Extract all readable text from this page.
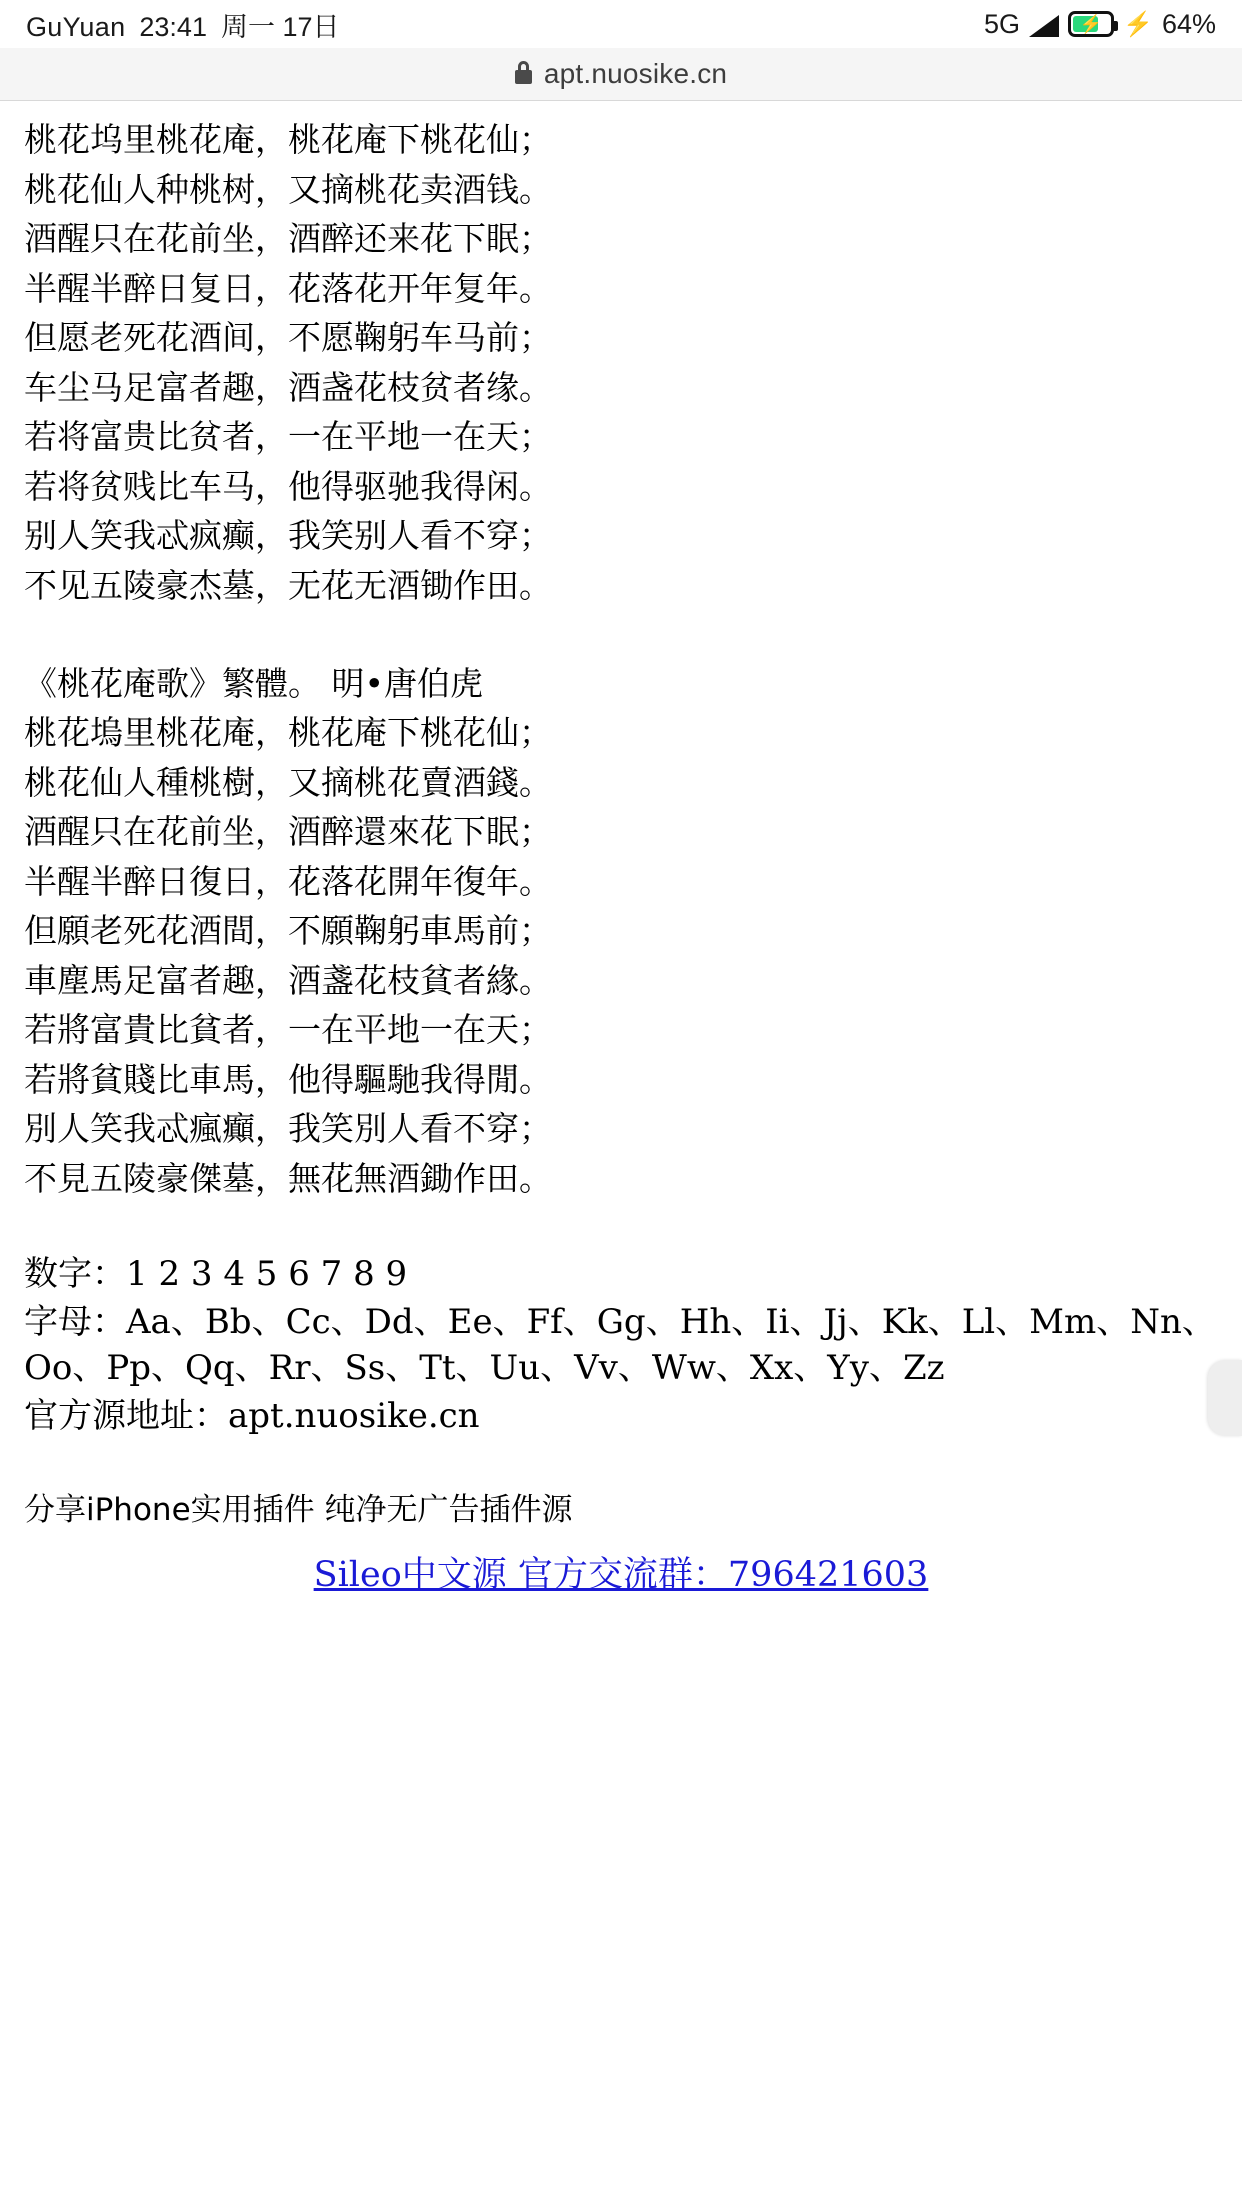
GuYuan 23:41 周一 17日	5G	⚡ ⚡ 64%
apt.nuosike.cn
桃花坞里桃花庵，桃花庵下桃花仙；
桃花仙人种桃树，又摘桃花卖酒钱。
酒醒只在花前坐，酒醉还来花下眠；
半醒半醉日复日，花落花开年复年。
但愿老死花酒间，不愿鞠躬车马前；
车尘马足富者趣，酒盏花枝贫者缘。
若将富贵比贫者，一在平地一在天；
若将贫贱比车马，他得驱驰我得闲。
别人笑我忒疯癫，我笑别人看不穿；
不见五陵豪杰墓，无花无酒锄作田。
《桃花庵歌》繁體。 明•唐伯虎
桃花塢里桃花庵，桃花庵下桃花仙；
桃花仙人種桃樹，又摘桃花賣酒錢。
酒醒只在花前坐，酒醉還來花下眠；
半醒半醉日復日，花落花開年復年。
但願老死花酒間，不願鞠躬車馬前；
車塵馬足富者趣，酒盞花枝貧者緣。
若將富貴比貧者，一在平地一在天；
若將貧賤比車馬，他得驅馳我得閒。
別人笑我忒瘋癲，我笑別人看不穿；
不見五陵豪傑墓，無花無酒鋤作田。
数字：1 2 3 4 5 6 7 8 9
字母：Aa、Bb、Cc、Dd、Ee、Ff、Gg、Hh、Ii、Jj、Kk、Ll、Mm、Nn、Oo、Pp、Qq、Rr、Ss、Tt、Uu、Vv、Ww、Xx、Yy、Zz
官方源地址：apt.nuosike.cn
分享iPhone实用插件 纯净无广告插件源
Sileo中文源 官方交流群：796421603
